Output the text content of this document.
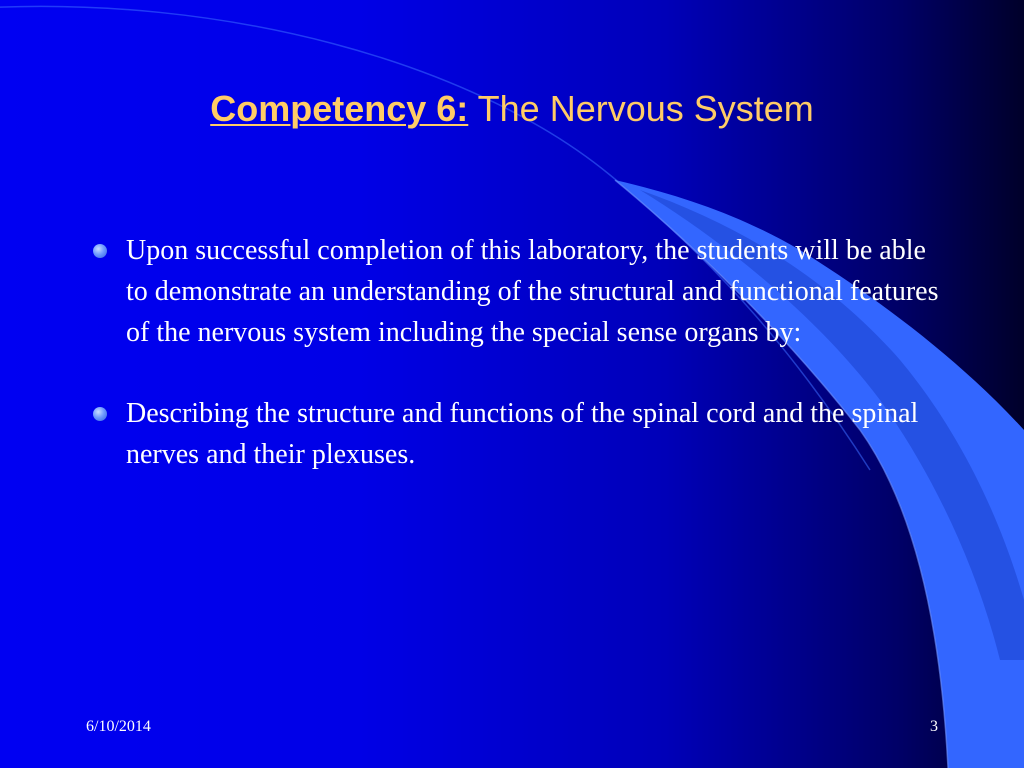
Competency 6: The Nervous System
Upon successful completion of this laboratory, the students will be able to demonstrate an understanding of the structural and functional features of the nervous system including the special sense organs by:
Describing the structure and functions of the spinal cord and the spinal nerves and their plexuses.
6/10/2014	3
